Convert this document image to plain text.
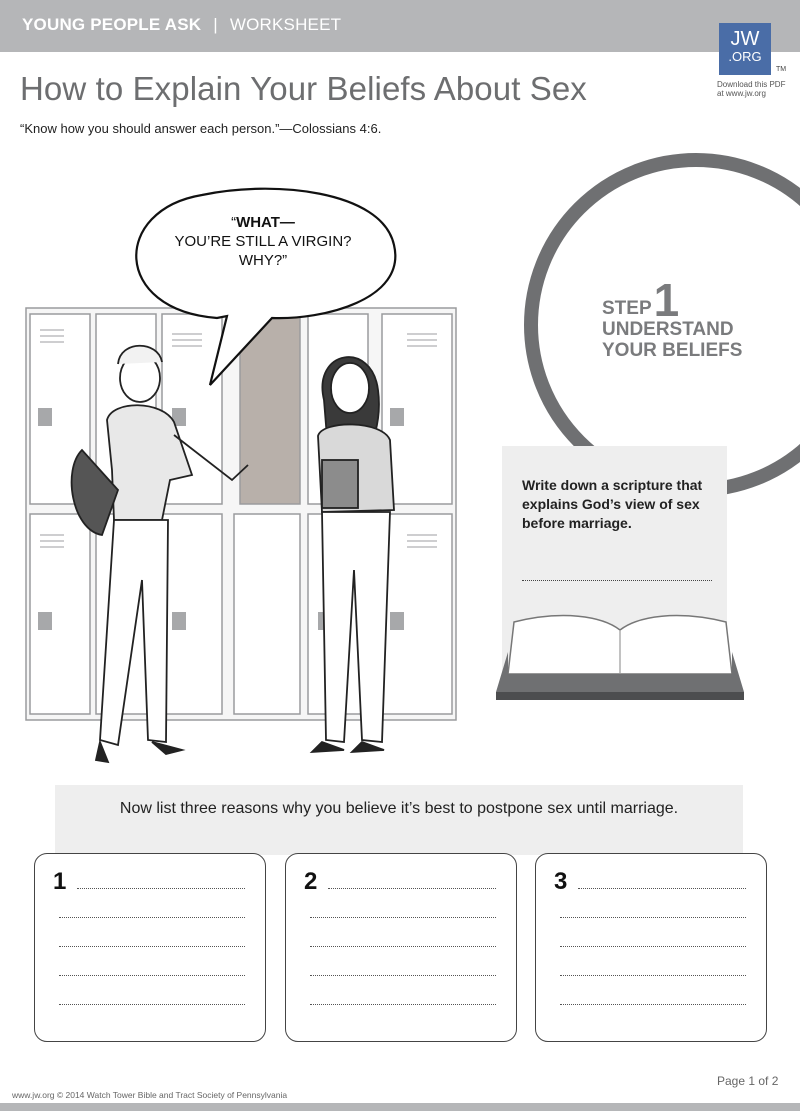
YOUNG PEOPLE ASK | WORKSHEET
JW
.ORG
TM
Download this PDF at www.jw.org
How to Explain Your Beliefs About Sex
“Know how you should answer each person.”—Colossians 4:6.
“WHAT—
YOU’RE STILL A VIRGIN?
WHY?”
STEP1
UNDERSTAND
YOUR BELIEFS
Write down a scripture that explains God’s view of sex before marriage.
Now list three reasons why you believe it’s best to postpone sex until marriage.
1	2	3
Page 1 of 2
www.jw.org © 2014 Watch Tower Bible and Tract Society of Pennsylvania
